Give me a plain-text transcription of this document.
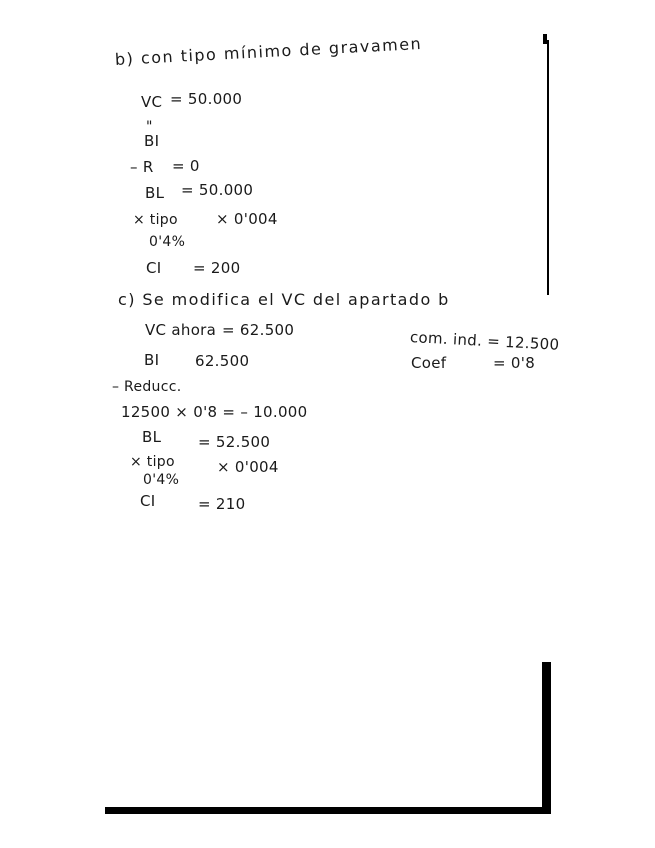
b) con tipo mínimo de gravamen
VC = 50.000
"
BI
– R = 0
BL = 50.000
× tipo	× 0'004
0'4%
CI = 200
c) Se modifica el VC del apartado b
VC ahora = 62.500	com. ind. = 12.500
BI 62.500	Coef	= 0'8
– Reducc.
12500 × 0'8 = – 10.000
BL = 52.500
× tipo	× 0'004
0'4%
CI	= 210
